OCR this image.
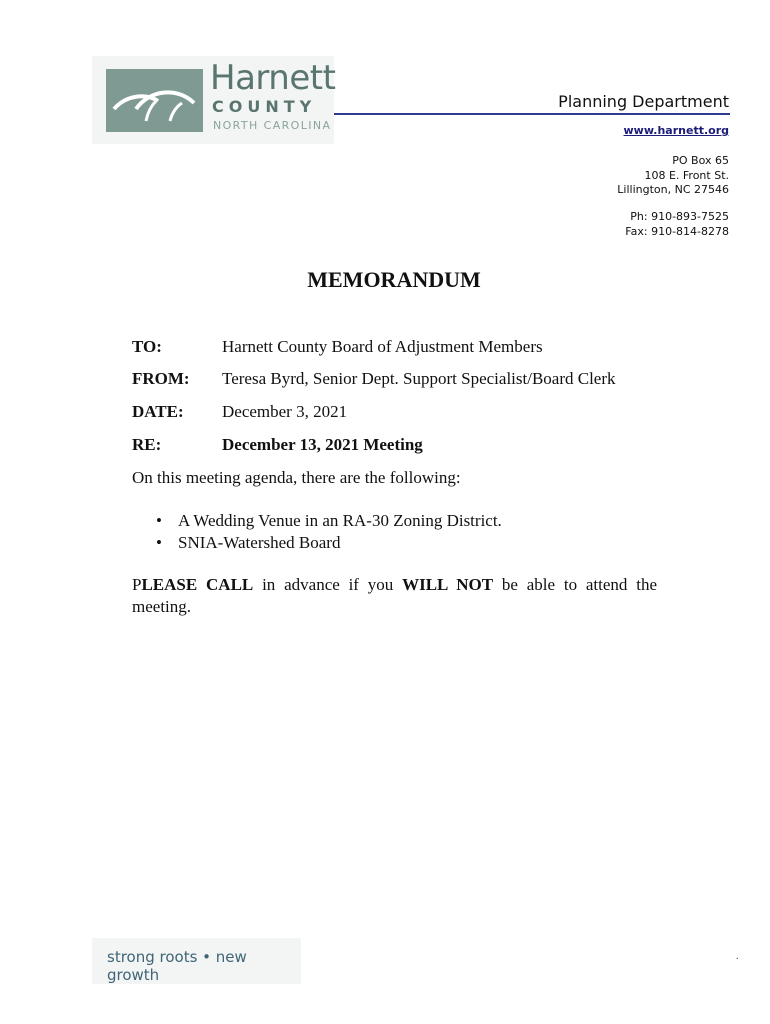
Harnett
COUNTY
NORTH CAROLINA
Planning Department
www.harnett.org
PO Box 65
108 E. Front St.
Lillington, NC 27546
Ph: 910-893-7525
Fax: 910-814-8278
MEMORANDUM
TO:	Harnett County Board of Adjustment Members
FROM: Teresa Byrd, Senior Dept. Support Specialist/Board Clerk
DATE: December 3, 2021
RE:	December 13, 2021 Meeting
On this meeting agenda, there are the following:
• A Wedding Venue in an RA-30 Zoning District.
• SNIA-Watershed Board
PLEASE CALL in advance if you WILL NOT be able to attend the meeting.
strong roots • new growth
.
